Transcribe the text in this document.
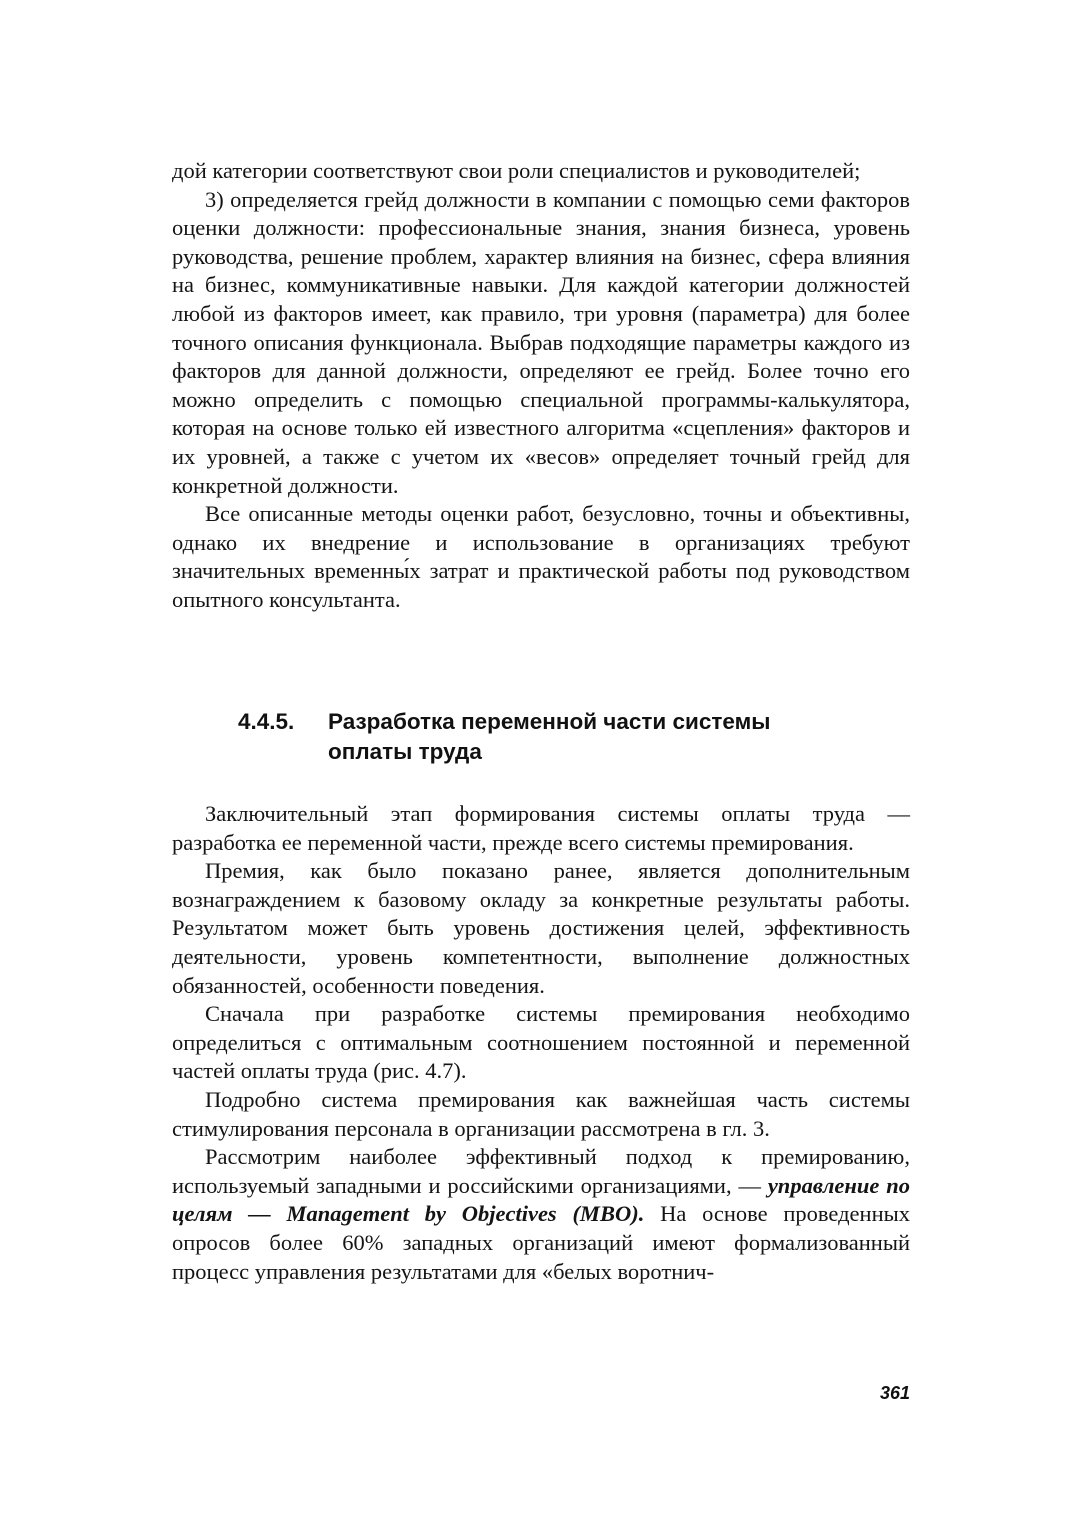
дой категории соответствуют свои роли специалистов и руководителей;

3) определяется грейд должности в компании с помощью семи факторов оценки должности: профессиональные знания, знания бизнеса, уровень руководства, решение проблем, характер влияния на бизнес, сфера влияния на бизнес, коммуникативные навыки. Для каждой категории должностей любой из факторов имеет, как правило, три уровня (параметра) для более точного описания функционала. Выбрав подходящие параметры каждого из факторов для данной должности, определяют ее грейд. Более точно его можно определить с помощью специальной программы-калькулятора, которая на основе только ей известного алгоритма «сцепления» факторов и их уровней, а также с учетом их «весов» определяет точный грейд для конкретной должности.

Все описанные методы оценки работ, безусловно, точны и объективны, однако их внедрение и использование в организациях требуют значительных временны́х затрат и практической работы под руководством опытного консультанта.

4.4.5. Разработка переменной части системы
оплаты труда

Заключительный этап формирования системы оплаты труда — разработка ее переменной части, прежде всего системы премирования.

Премия, как было показано ранее, является дополнительным вознаграждением к базовому окладу за конкретные результаты работы. Результатом может быть уровень достижения целей, эффективность деятельности, уровень компетентности, выполнение должностных обязанностей, особенности поведения.

Сначала при разработке системы премирования необходимо определиться с оптимальным соотношением постоянной и переменной частей оплаты труда (рис. 4.7).

Подробно система премирования как важнейшая часть системы стимулирования персонала в организации рассмотрена в гл. 3.

Рассмотрим наиболее эффективный подход к премированию, используемый западными и российскими организациями, — управление по целям — Management by Objectives (MBO). На основе проведенных опросов более 60% западных организаций имеют формализованный процесс управления результатами для «белых воротнич-

361
